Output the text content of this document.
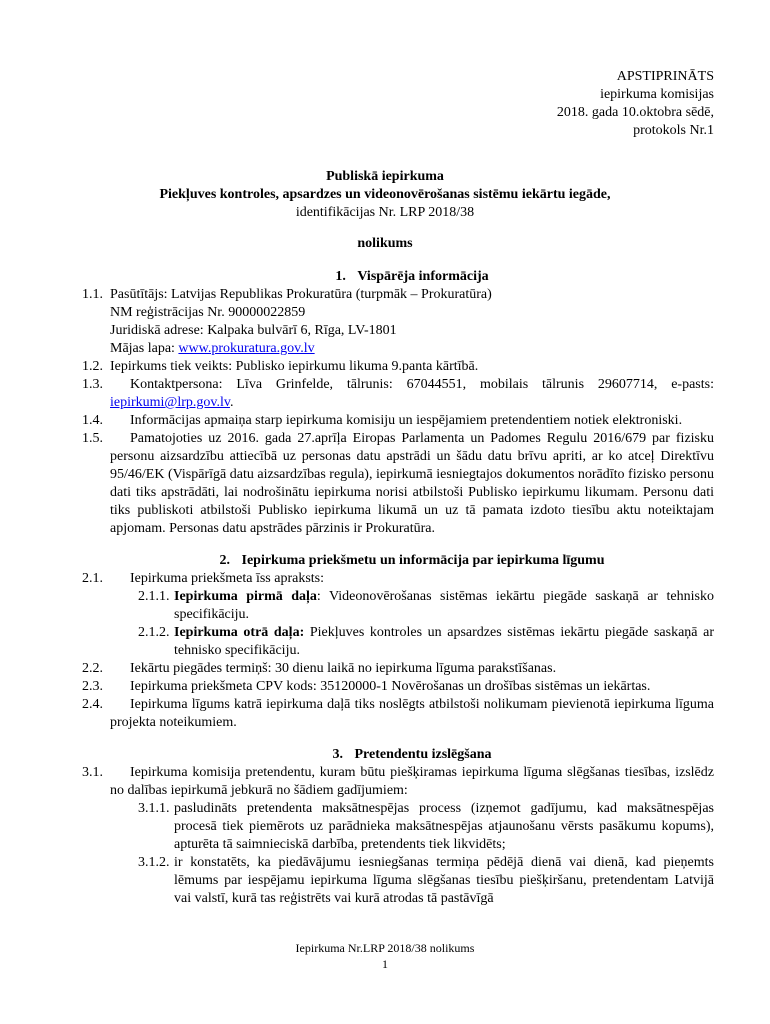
APSTIPRINĀTS
iepirkuma komisijas
2018. gada 10.oktobra sēdē,
protokols Nr.1
Publiskā iepirkuma
Piekļuves kontroles, apsardzes un videonovērošanas sistēmu iekārtu iegāde,
identifikācijas Nr. LRP 2018/38
nolikums

1. Vispārēja informācija

1.1. Pasūtītājs: Latvijas Republikas Prokuratūra (turpmāk – Prokuratūra)
NM reģistrācijas Nr. 90000022859
Juridiskā adrese: Kalpaka bulvārī 6, Rīga, LV-1801
Mājas lapa: www.prokuratura.gov.lv
1.2. Iepirkums tiek veikts: Publisko iepirkumu likuma 9.panta kārtībā.
1.3.	Kontaktpersona: Līva Grinfelde, tālrunis: 67044551, mobilais tālrunis 29607714, e-pasts: iepirkumi@lrp.gov.lv.
1.4.	Informācijas apmaiņa starp iepirkuma komisiju un iespējamiem pretendentiem notiek elektroniski.
1.5.	Pamatojoties uz 2016. gada 27.aprīļa Eiropas Parlamenta un Padomes Regulu 2016/679 par fizisku personu aizsardzību attiecībā uz personas datu apstrādi un šādu datu brīvu apriti, ar ko atceļ Direktīvu 95/46/EK (Vispārīgā datu aizsardzības regula), iepirkumā iesniegtajos dokumentos norādīto fizisko personu dati tiks apstrādāti, lai nodrošinātu iepirkuma norisi atbilstoši Publisko iepirkumu likumam. Personu dati tiks publiskoti atbilstoši Publisko iepirkuma likumā un uz tā pamata izdoto tiesību aktu noteiktajam apjomam. Personas datu apstrādes pārzinis ir Prokuratūra.

2. Iepirkuma priekšmetu un informācija par iepirkuma līgumu

2.1.	Iepirkuma priekšmeta īss apraksts:
2.1.1. Iepirkuma pirmā daļa: Videonovērošanas sistēmas iekārtu piegāde saskaņā ar tehnisko specifikāciju.
2.1.2. Iepirkuma otrā daļa: Piekļuves kontroles un apsardzes sistēmas iekārtu piegāde saskaņā ar tehnisko specifikāciju.
2.2.	Iekārtu piegādes termiņš: 30 dienu laikā no iepirkuma līguma parakstīšanas.
2.3.	Iepirkuma priekšmeta CPV kods: 35120000-1 Novērošanas un drošības sistēmas un iekārtas.
2.4.	Iepirkuma līgums katrā iepirkuma daļā tiks noslēgts atbilstoši nolikumam pievienotā iepirkuma līguma projekta noteikumiem.

3. Pretendentu izslēgšana

3.1.	Iepirkuma komisija pretendentu, kuram būtu piešķiramas iepirkuma līguma slēgšanas tiesības, izslēdz no dalības iepirkumā jebkurā no šādiem gadījumiem:
3.1.1. pasludināts pretendenta maksātnespējas process (izņemot gadījumu, kad maksātnespējas procesā tiek piemērots uz parādnieka maksātnespējas atjaunošanu vērsts pasākumu kopums), apturēta tā saimnieciskā darbība, pretendents tiek likvidēts;
3.1.2. ir konstatēts, ka piedāvājumu iesniegšanas termiņa pēdējā dienā vai dienā, kad pieņemts lēmums par iespējamu iepirkuma līguma slēgšanas tiesību piešķiršanu, pretendentam Latvijā vai valstī, kurā tas reģistrēts vai kurā atrodas tā pastāvīgā
Iepirkuma Nr.LRP 2018/38 nolikums
1
